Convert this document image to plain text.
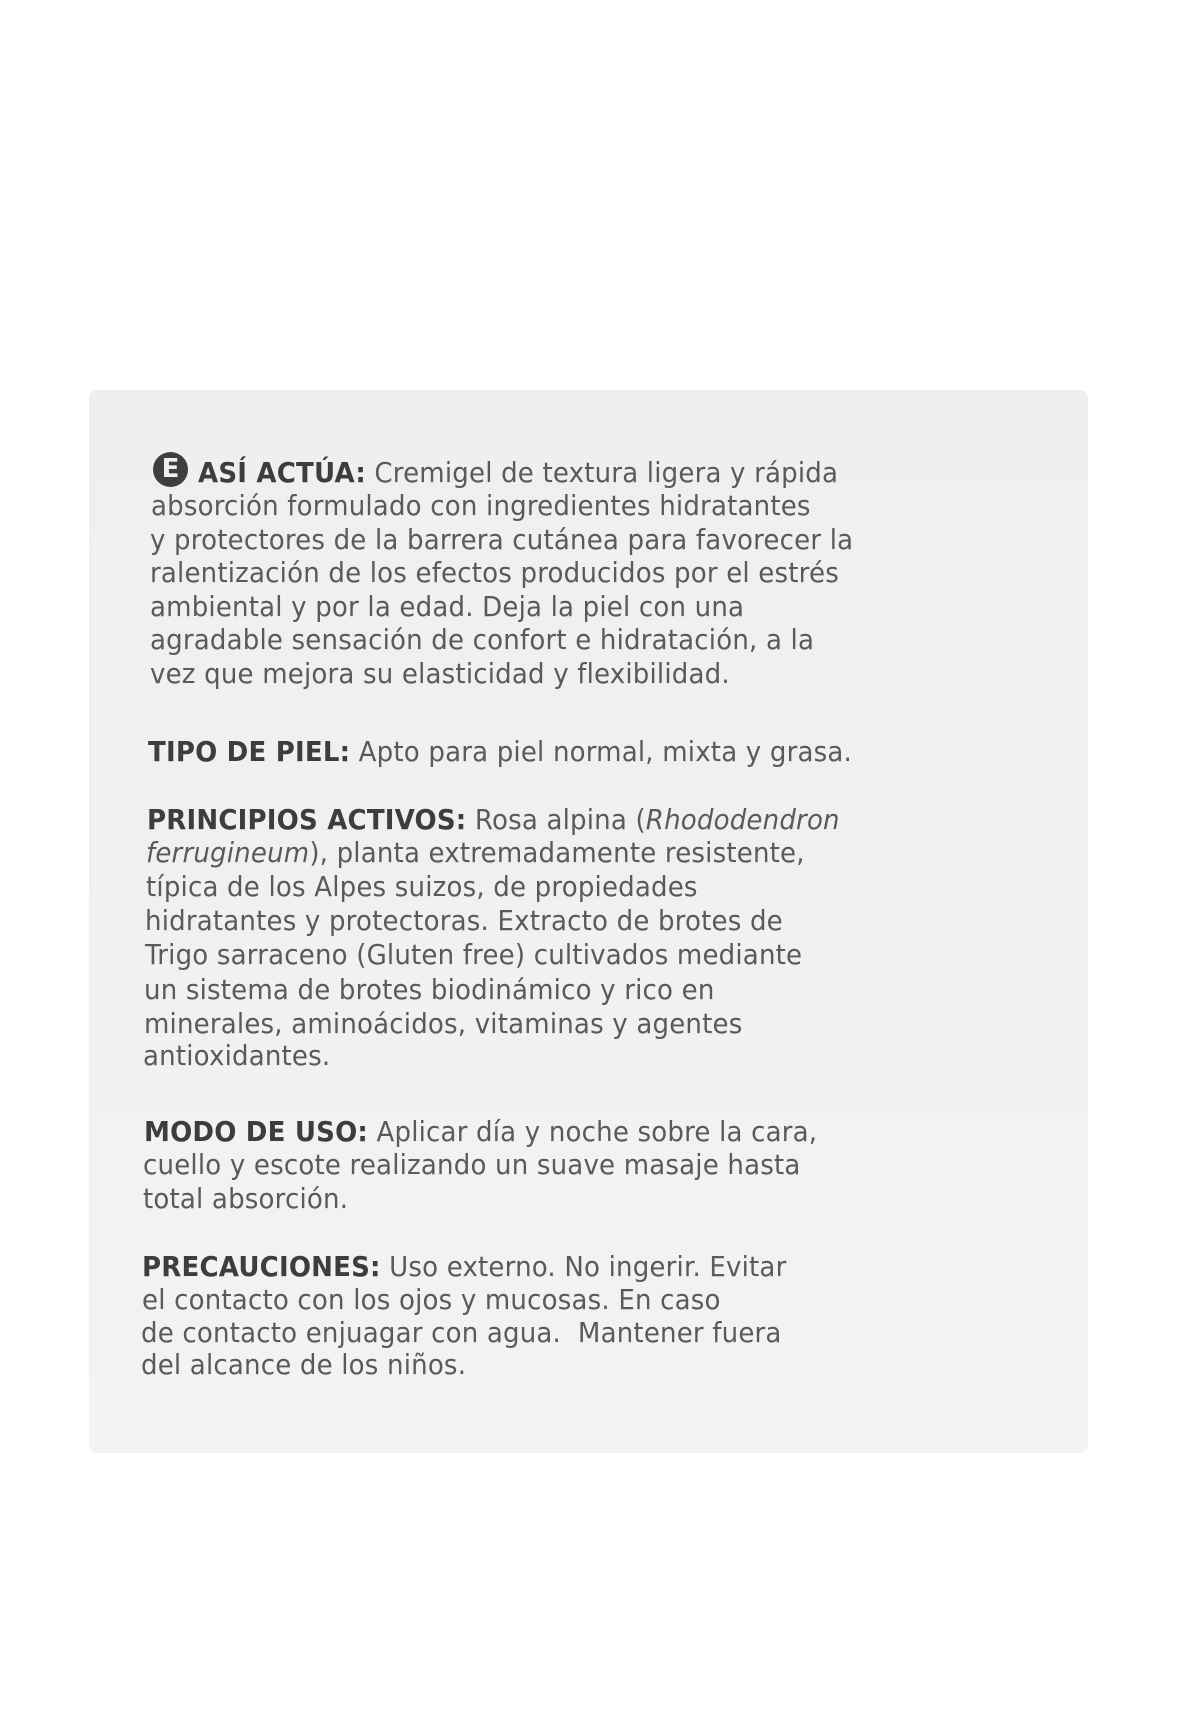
E ASÍ ACTÚA: Cremigel de textura ligera y rápida
absorción formulado con ingredientes hidratantes
y protectores de la barrera cutánea para favorecer la
ralentización de los efectos producidos por el estrés
ambiental y por la edad. Deja la piel con una
agradable sensación de confort e hidratación, a la
vez que mejora su elasticidad y flexibilidad.
TIPO DE PIEL: Apto para piel normal, mixta y grasa.
PRINCIPIOS ACTIVOS: Rosa alpina (Rhododendron
ferrugineum), planta extremadamente resistente,
típica de los Alpes suizos, de propiedades
hidratantes y protectoras. Extracto de brotes de
Trigo sarraceno (Gluten free) cultivados mediante
un sistema de brotes biodinámico y rico en
minerales, aminoácidos, vitaminas y agentes
antioxidantes.
MODO DE USO: Aplicar día y noche sobre la cara,
cuello y escote realizando un suave masaje hasta
total absorción.
PRECAUCIONES: Uso externo. No ingerir. Evitar
el contacto con los ojos y mucosas. En caso
de contacto enjuagar con agua.  Mantener fuera
del alcance de los niños.
